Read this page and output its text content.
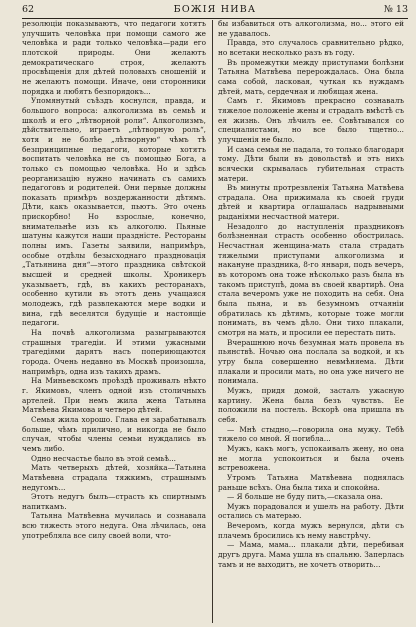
62	БОЖІЯ НИВА	№ 13

резолюціи показываютъ, что педагоги хотятъ улучшить человѣка при помощи самого же человѣка и ради только человѣка—ради его плотской природы. Они желаютъ демократическаго строя, желаютъ просвѣщенія для дѣтей половыхъ сношеній и не желаютъ помощи. Иначе, они сторонники порядка и любятъ безпорядокъ...

Упомянутый съѣздъ коснулся, правда, и большого вопроса: алкоголизма въ семьѣ и школѣ и его „лѣтворной роли“. Алкоголизмъ, дѣйствительно, играетъ „лѣтворную роль“, хотя и не болѣе „лѣтворную“ чѣмъ тѣ безпринципные педагоги, которые хотятъ воспитать человѣка не съ помощью Бога, а только съ помощью человѣка. Но и здѣсь реорганизацію нужно начинать съ самихъ педагоговъ и родителей. Они первые должны показать примѣръ воздержанности дѣтямъ. Дѣти, какъ оказывается, пьютъ. Это очень прискорбно! Но взрослые, конечно, внимательнѣе изъ къ алкоголю. Пьяные шатуны кажутся наши праздністе. Рестораны полны имъ. Газеты заявили, напримѣръ, особые отдѣлы безысходнаго праздновація „Татьянина дня“—этого праздника свѣтской высшей и средней школы. Хроникеръ указываетъ, гдѣ, въ какихъ ресторанахъ, особенно кутили въ этотъ день учащаяся молодежъ, гдѣ развлекаются мере водки и вина, гдѣ веселятся будущіе и настоящіе педагоги.

На почвѣ алкоголизма разыгрываются страшныя трагедіи. И этими ужасными трагедіями дарятъ насъ попериющаются города. Очень недавно въ Москвѣ произошла, напримѣръ, одна изъ такихъ драмъ.

На Миньевскомъ проѣздѣ проживалъ нѣкто г. Якимовъ, членъ одной изъ столичныхъ артелей. При немъ жила жена Татьяна Матвѣева Якимова и четверо дѣтей.

Семья жила хорошо. Глава ея зарабатывалъ больше, чѣмъ прилично, и никогда не было случая, чтобы члены семьи нуждались въ чемъ либо.

Одно несчастье было въ этой семьѣ...

Мать четверыхъ дѣтей, хозяйка—Татьяна Матвѣевна страдала тяжкимъ, страшнымъ недугомъ...

Этотъ недугъ былъ—страсть къ спиртнымъ напиткамъ.

Татьяна Матвѣевна мучилась и сознавала всю тяжесть этого недуга. Она лѣчилась, она употребляла все силу своей воли, что-

бы избавиться отъ алкоголизма, но... этого ей не удавалось.

Правда, это случалось сравнительно рѣдко, но всетаки несколько разъ въ году.

Въ промежутки между приступами болѣзни Татьяна Матвѣева перерождалась. Она была сама собой, ласковая, чуткая къ нуждамъ дѣтей, мать, сердечная и любящая жена.

Самъ г. Якимовъ прекрасно сознавалъ тяжелое положеніе жены и страдалъ вмѣстѣ съ ея жизнь. Онъ лѣчилъ ее. Совѣтывался со специалистами, но все было тщетно... улучшенія не было.

И сама семья не падала, то только благодаря тому. Дѣти были въ довольствѣ и этъ нихъ всячески скрывалась губительная страсть матери.

Въ минуты протрезвленія Татьяна Матвѣева страдала. Она прижимала къ своей груди дѣтей и квартира оглашалась надрывными рыданіями несчастной матери.

Незадолго до наступленія праздниковъ болѣзненная страсть особенно обострилась. Несчастная женщина-мать стала страдать тяжелыми приступами алкоголизма и накануне праздника, 8-го января, подъ вечеръ, въ которомъ она тоже нѣсколько разъ была въ такомъ приступѣ, дома въ своей квартирѣ. Она стала вечеромъ уже не походить на себя. Она была пьяна, и въ безумномъ отчаяніи обратилась къ дѣтямъ, которые тоже могли понимать, въ чемъ дѣло. Они тихо плакали, смотря на мать, и просили ее перестать пить.

Вчерашнюю ночь безумная мать провела въ пьянствѣ. Ночью она послала за водкой, и къ утру была совершенно невмѣняема. Дѣти плакали и просили мать, но она уже ничего не понимала.

Мужъ, придя домой, засталъ ужасную картину. Жена была безъ чувствъ. Ее положили на постель. Вскорѣ она пришла въ себя.

— Мнѣ стыдно,—говорила она мужу. Тебѣ тяжело со мной. Я погибла...

Мужъ, какъ могъ, успокаивалъ жену, но она не могла успокоиться и была очень встревожена.

Утромъ Татьяна Матвѣевна поднялась раньше всѣхъ. Она была тиха и спокойна.

— Я больше не буду пить,—сказала она.

Мужъ порадовался и ушелъ на работу. Дѣти остались съ матерью.

Вечеромъ, когда мужъ вернулся, дѣти съ плачемъ бросились къ нему навстрѣчу.

— Мама, мама... плакали дѣти, перебивая другъ друга. Мама ушла въ спальню. Заперлась тамъ и не выходитъ, не хочетъ отворить...
